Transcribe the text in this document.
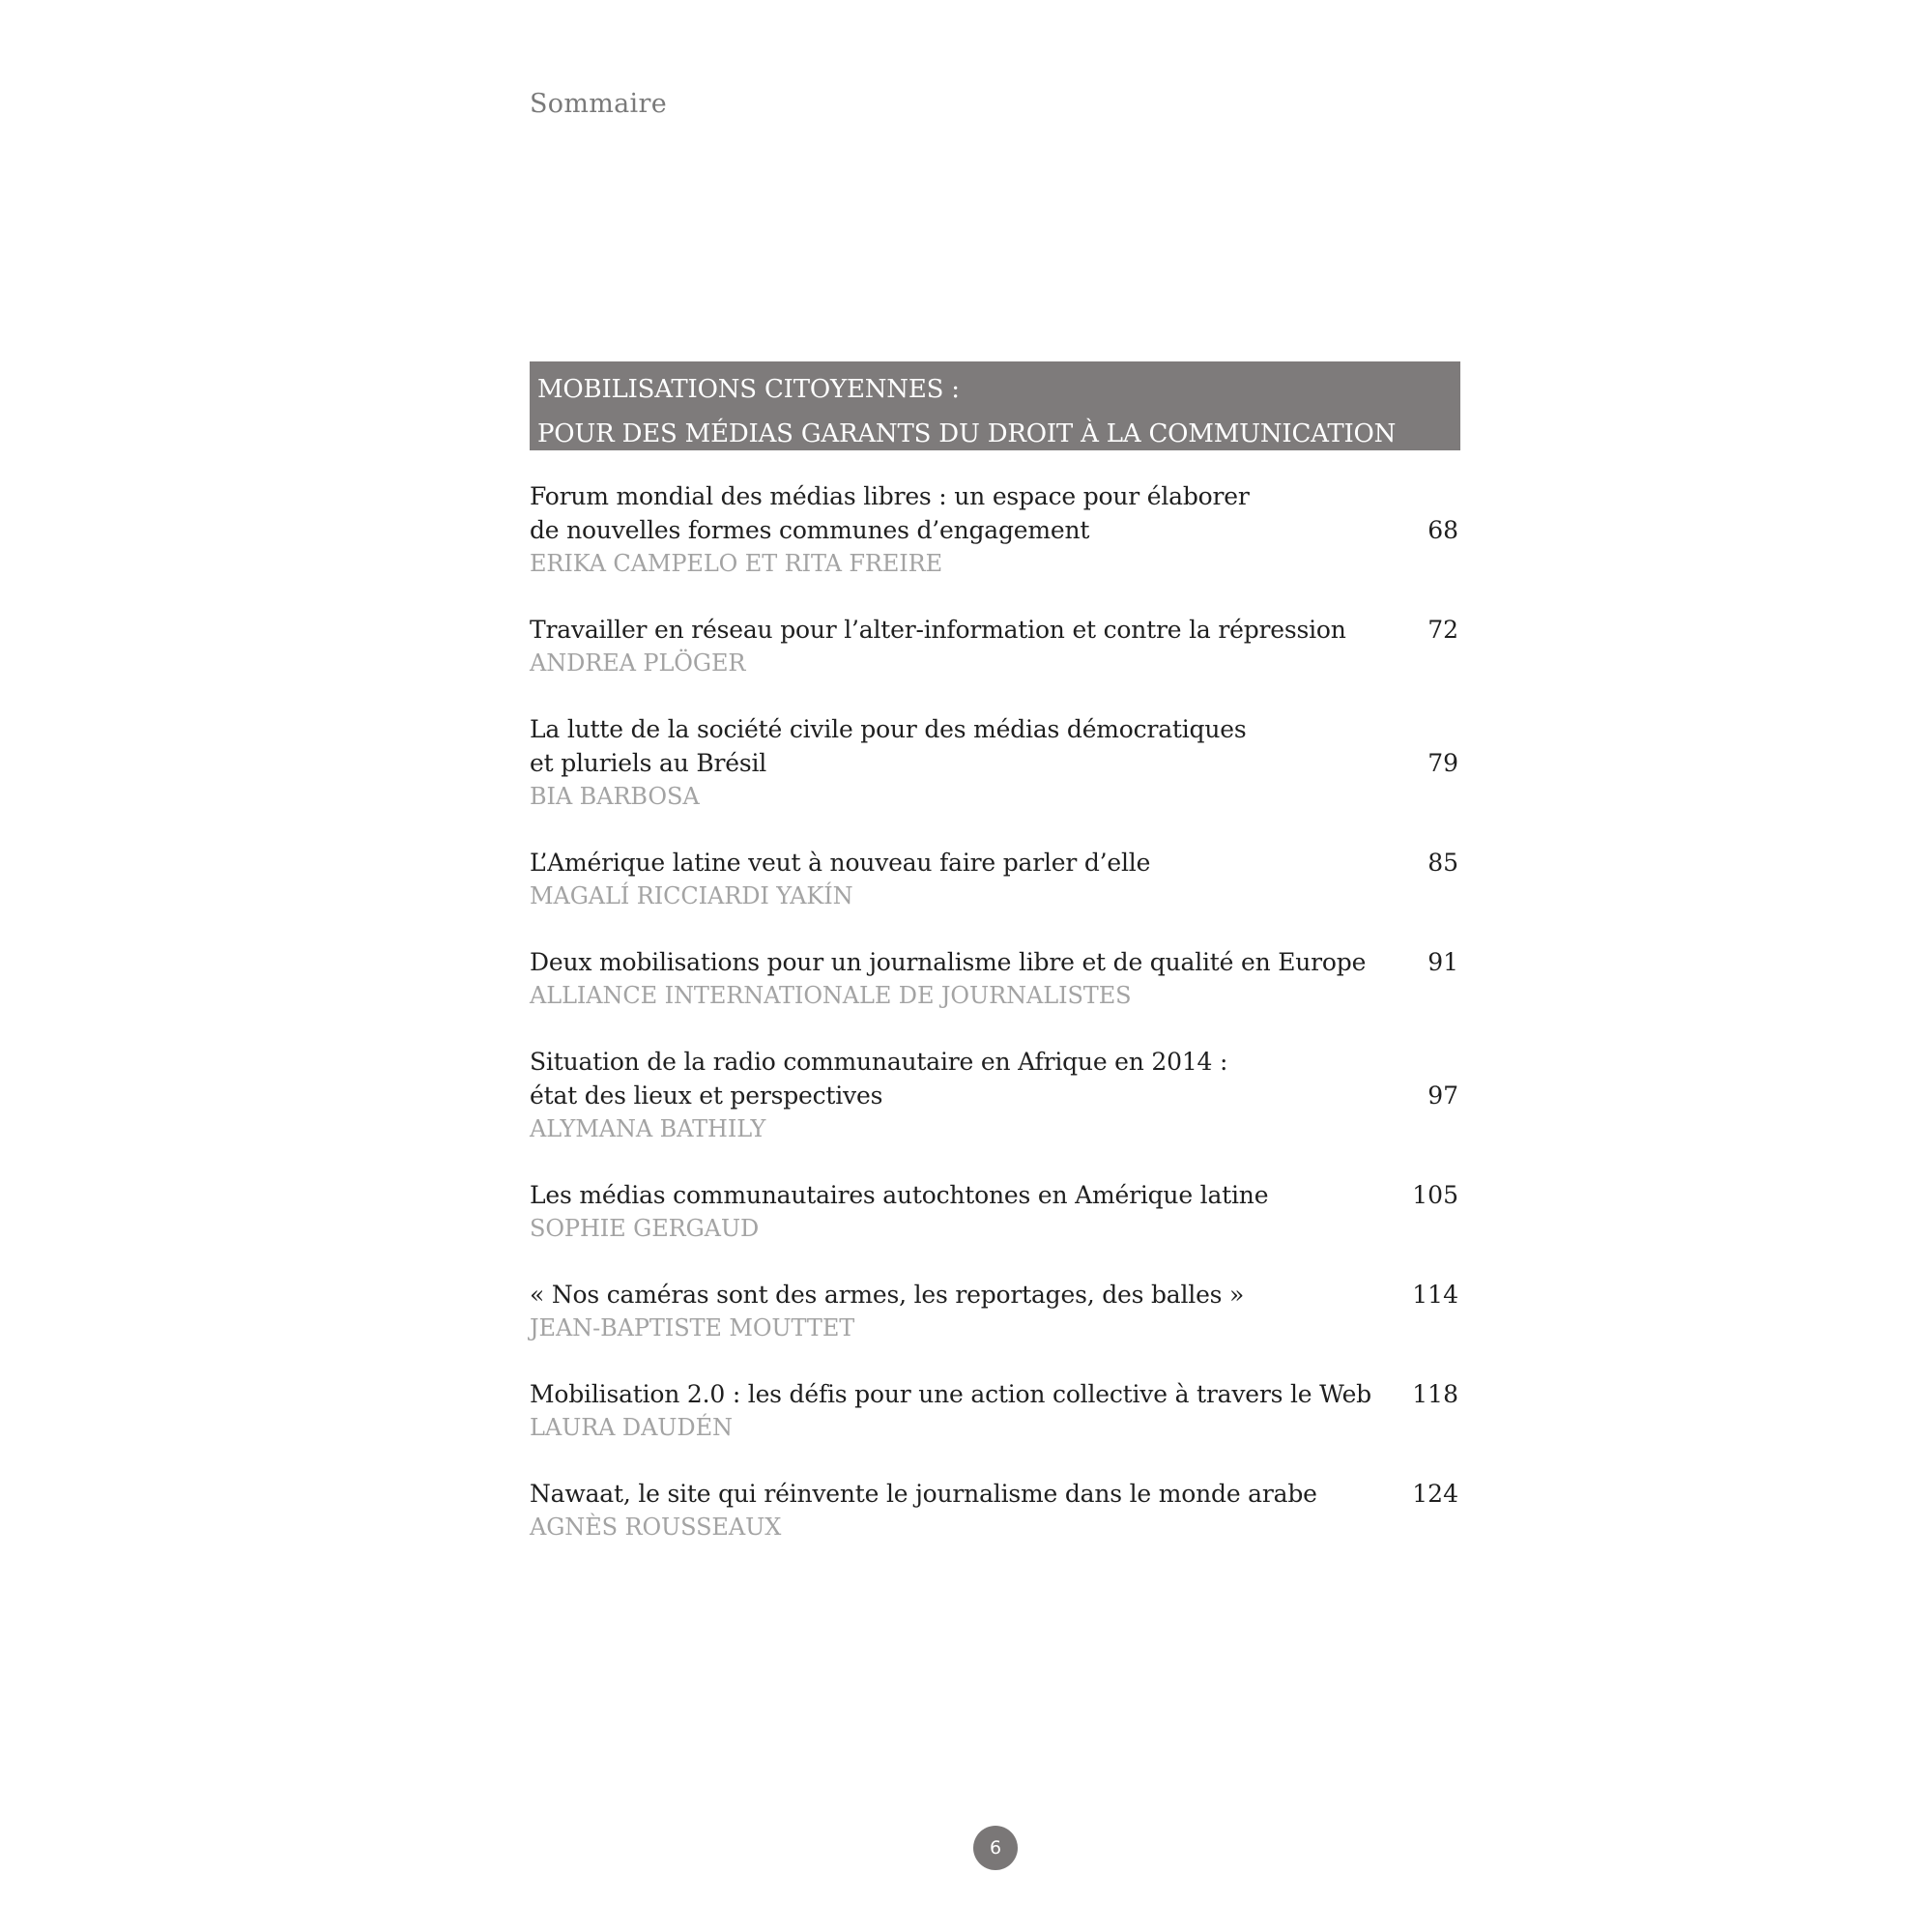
Sommaire
MOBILISATIONS CITOYENNES :
POUR DES MÉDIAS GARANTS DU DROIT À LA COMMUNICATION
Forum mondial des médias libres : un espace pour élaborer
de nouvelles formes communes d’engagement
ERIKA CAMPELO ET RITA FREIRE
68
Travailler en réseau pour l’alter-information et contre la répression
ANDREA PLÖGER
72
La lutte de la société civile pour des médias démocratiques
et pluriels au Brésil
BIA BARBOSA
79
L’Amérique latine veut à nouveau faire parler d’elle
MAGALÍ RICCIARDI YAKÍN
85
Deux mobilisations pour un journalisme libre et de qualité en Europe
ALLIANCE INTERNATIONALE DE JOURNALISTES
91
Situation de la radio communautaire en Afrique en 2014 :
état des lieux et perspectives
ALYMANA BATHILY
97
Les médias communautaires autochtones en Amérique latine
SOPHIE GERGAUD
105
« Nos caméras sont des armes, les reportages, des balles »
JEAN-BAPTISTE MOUTTET
114
Mobilisation 2.0 : les défis pour une action collective à travers le Web
LAURA DAUDÉN
118
Nawaat, le site qui réinvente le journalisme dans le monde arabe
AGNÈS ROUSSEAUX
124
6
